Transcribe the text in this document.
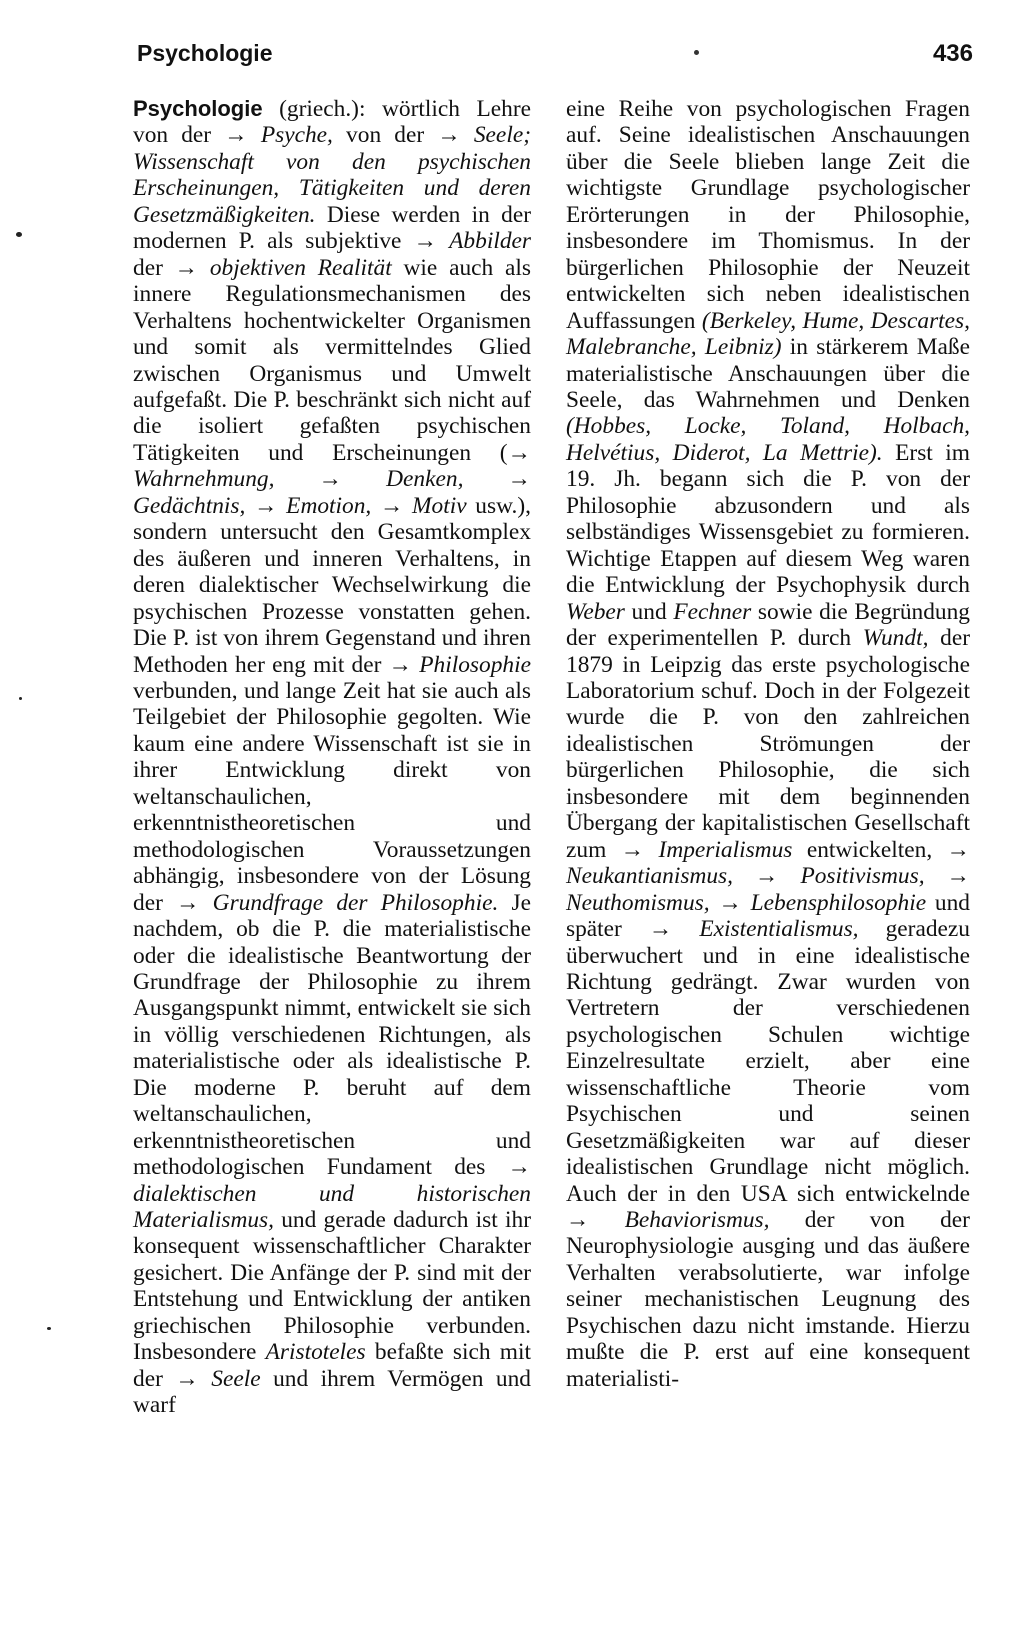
Psychologie	436

Psychologie (griech.): wörtlich Lehre von der → Psyche, von der → Seele; Wissenschaft von den psychischen Erscheinungen, Tätigkeiten und deren Gesetzmäßigkeiten. Diese werden in der modernen P. als subjektive → Abbilder der → objektiven Realität wie auch als innere Regulationsmechanismen des Verhaltens hochentwickelter Organismen und somit als vermittelndes Glied zwischen Organismus und Umwelt aufgefaßt. Die P. beschränkt sich nicht auf die isoliert gefaßten psychischen Tätigkeiten und Erscheinungen (→ Wahrnehmung, → Denken, → Gedächtnis, → Emotion, → Motiv usw.), sondern untersucht den Gesamtkomplex des äußeren und inneren Verhaltens, in deren dialektischer Wechselwirkung die psychischen Prozesse vonstatten gehen. Die P. ist von ihrem Gegenstand und ihren Methoden her eng mit der → Philosophie verbunden, und lange Zeit hat sie auch als Teilgebiet der Philosophie gegolten. Wie kaum eine andere Wissenschaft ist sie in ihrer Entwicklung direkt von weltanschaulichen, erkenntnistheoretischen und methodologischen Voraussetzungen abhängig, insbesondere von der Lösung der → Grundfrage der Philosophie. Je nachdem, ob die P. die materialistische oder die idealistische Beantwortung der Grundfrage der Philosophie zu ihrem Ausgangspunkt nimmt, entwickelt sie sich in völlig verschiedenen Richtungen, als materialistische oder als idealistische P. Die moderne P. beruht auf dem weltanschaulichen, erkenntnistheoretischen und methodologischen Fundament des → dialektischen und historischen Materialismus, und gerade dadurch ist ihr konsequent wissenschaftlicher Charakter gesichert. Die Anfänge der P. sind mit der Entstehung und Entwicklung der antiken griechischen Philosophie verbunden. Insbesondere Aristoteles befaßte sich mit der → Seele und ihrem Vermögen und warf

eine Reihe von psychologischen Fragen auf. Seine idealistischen Anschauungen über die Seele blieben lange Zeit die wichtigste Grundlage psychologischer Erörterungen in der Philosophie, insbesondere im Thomismus. In der bürgerlichen Philosophie der Neuzeit entwickelten sich neben idealistischen Auffassungen (Berkeley, Hume, Descartes, Malebranche, Leibniz) in stärkerem Maße materialistische Anschauungen über die Seele, das Wahrnehmen und Denken (Hobbes, Locke, Toland, Holbach, Helvétius, Diderot, La Mettrie). Erst im 19. Jh. begann sich die P. von der Philosophie abzusondern und als selbständiges Wissensgebiet zu formieren. Wichtige Etappen auf diesem Weg waren die Entwicklung der Psychophysik durch Weber und Fechner sowie die Begründung der experimentellen P. durch Wundt, der 1879 in Leipzig das erste psychologische Laboratorium schuf. Doch in der Folgezeit wurde die P. von den zahlreichen idealistischen Strömungen der bürgerlichen Philosophie, die sich insbesondere mit dem beginnenden Übergang der kapitalistischen Gesellschaft zum → Imperialismus entwickelten, → Neukantianismus, → Positivismus, → Neuthomismus, → Lebensphilosophie und später → Existentialismus, geradezu überwuchert und in eine idealistische Richtung gedrängt. Zwar wurden von Vertretern der verschiedenen psychologischen Schulen wichtige Einzelresultate erzielt, aber eine wissenschaftliche Theorie vom Psychischen und seinen Gesetzmäßigkeiten war auf dieser idealistischen Grundlage nicht möglich. Auch der in den USA sich entwickelnde → Behaviorismus, der von der Neurophysiologie ausging und das äußere Verhalten verabsolutierte, war infolge seiner mechanistischen Leugnung des Psychischen dazu nicht imstande. Hierzu mußte die P. erst auf eine konsequent materialisti-
